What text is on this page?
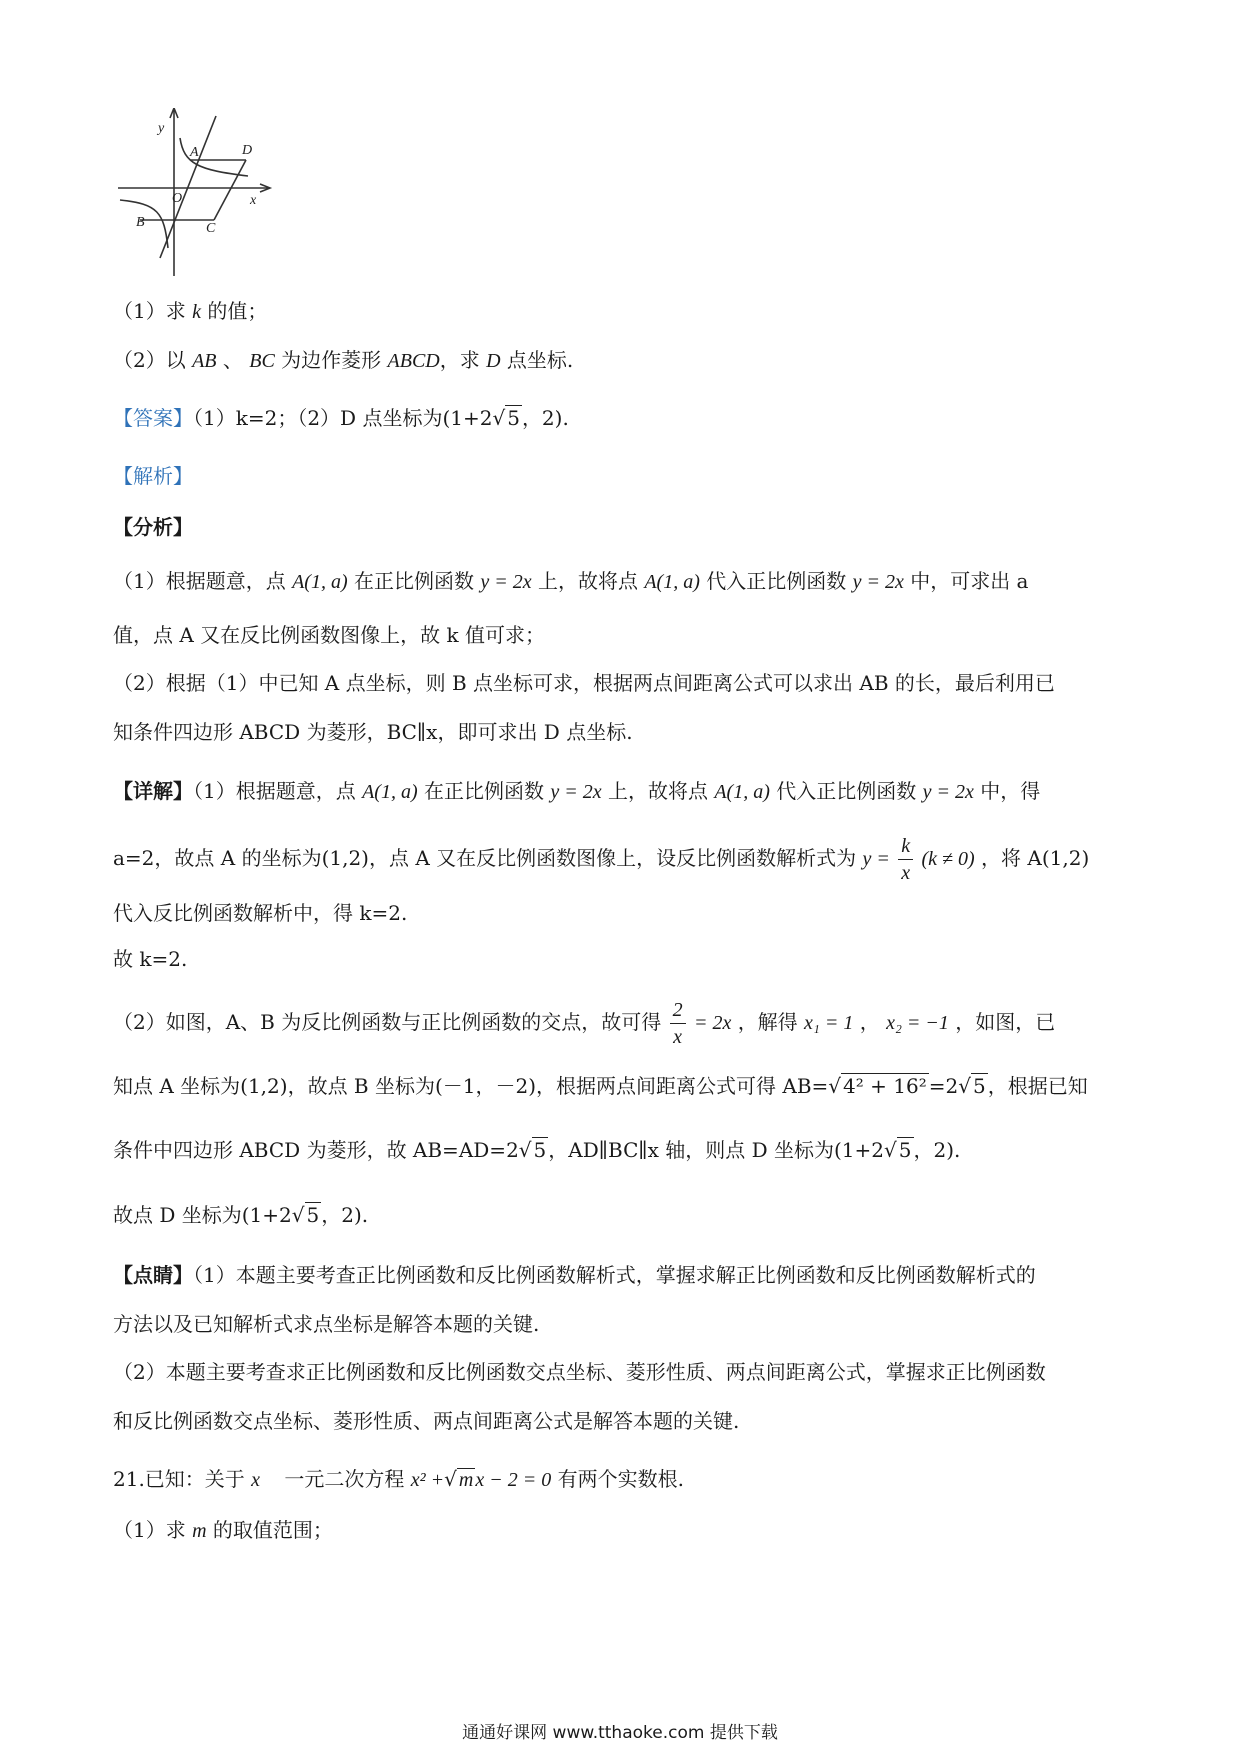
y
A	D
O	x
B	C
（1）求 k 的值；
（2）以 AB 、 BC 为边作菱形 ABCD，求 D 点坐标.
【答案】（1）k=2；（2）D 点坐标为(1+2√ 5 ，2).
【解析】
【分析】
（1）根据题意，点 A(1, a) 在正比例函数 y = 2x 上，故将点 A(1, a) 代入正比例函数 y = 2x 中，可求出 a
值，点 A 又在反比例函数图像上，故 k 值可求；
（2）根据（1）中已知 A 点坐标，则 B 点坐标可求，根据两点间距离公式可以求出 AB 的长，最后利用已
知条件四边形 ABCD 为菱形，BC∥x，即可求出 D 点坐标.
【详解】（1）根据题意，点 A(1, a) 在正比例函数 y = 2x 上，故将点 A(1, a) 代入正比例函数 y = 2x 中，得
a=2，故点 A 的坐标为(1,2)，点 A 又在反比例函数图像上，设反比例函数解析式为 $y = \frac{k}{x} (k \ne 0)$ ，将 A(1,2)
代入反比例函数解析中，得 k=2.
故 k=2.
（2）如图，A、B 为反比例函数与正比例函数的交点，故可得 $\frac{2}{x} = 2x$ ，解得 x₁ = 1 ， x₂ = −1 ，如图，已
知点 A 坐标为(1,2)，故点 B 坐标为(－1，－2)，根据两点间距离公式可得 AB=√ 4² + 16² =2√ 5 ，根据已知
条件中四边形 ABCD 为菱形，故 AB=AD=2√ 5 ，AD∥BC∥x 轴，则点 D 坐标为(1+2√ 5 ，2).
故点 D 坐标为(1+2√ 5 ，2).
【点睛】（1）本题主要考查正比例函数和反比例函数解析式，掌握求解正比例函数和反比例函数解析式的
方法以及已知解析式求点坐标是解答本题的关键.
（2）本题主要考查求正比例函数和反比例函数交点坐标、菱形性质、两点间距离公式，掌握求正比例函数
和反比例函数交点坐标、菱形性质、两点间距离公式是解答本题的关键.
21.已知：关于 x 一元二次方程 x² +√ m x − 2 = 0 有两个实数根.
（1）求 m 的取值范围；
通通好课网 www.tthaoke.com 提供下载
